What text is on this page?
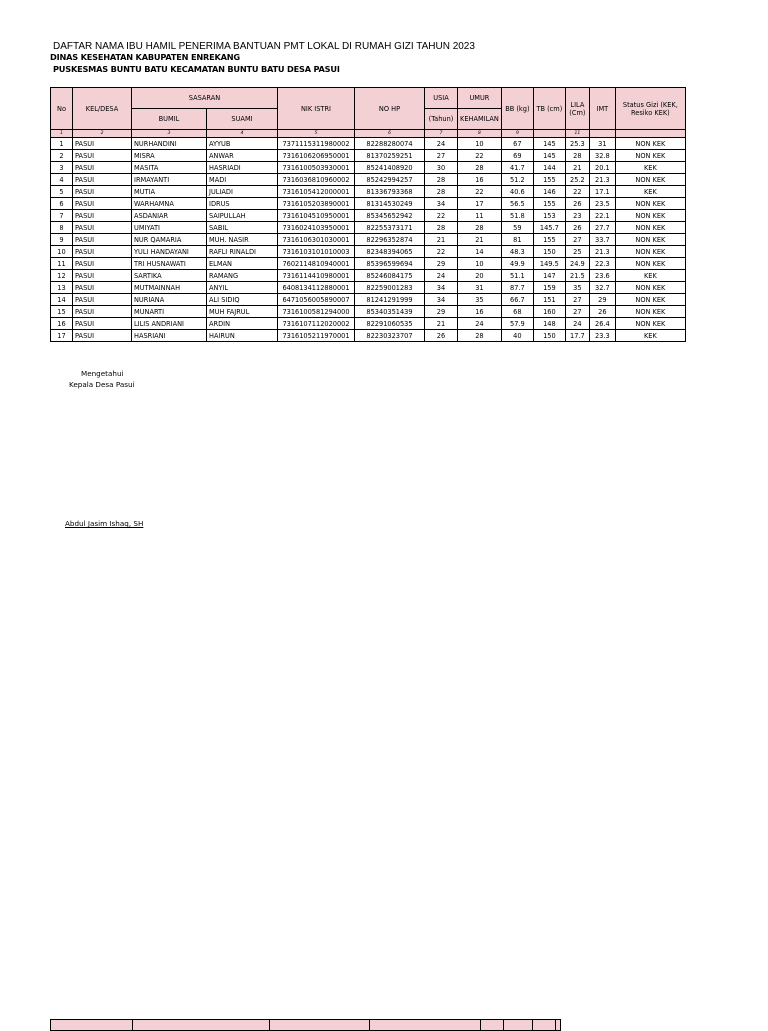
DAFTAR NAMA IBU HAMIL PENERIMA BANTUAN PMT LOKAL DI RUMAH GIZI TAHUN 2023
DINAS KESEHATAN KABUPATEN ENREKANG
PUSKESMAS BUNTU BATU KECAMATAN BUNTU BATU DESA PASUI
No	KEL/DESA	SASARAN		NIK ISTRI	NO HP	USIA	UMUR	BB (kg)	TB (cm)	LILA (Cm)	IMT	Status Gizi (KEK, Resiko KEK)
		BUMIL	SUAMI			(Tahun)	KEHAMILAN					
1	2	3	4	5	6	7	8	9		11		
1	PASUI	NURHANDINI	AYYUB	7371115311980002	82288280074	24	10	67	145	25.3	31	NON KEK
2	PASUI	MISRA	ANWAR	7316106206950001	81370259251	27	22	69	145	28	32.8	NON KEK
3	PASUI	MASITA	HASRIADI	7316100503930001	85241408920	30	28	41.7	144	21	20.1	KEK
4	PASUI	IRMAYANTI	MADI	7316036810960002	85242994257	28	16	51.2	155	25.2	21.3	NON KEK
5	PASUI	MUTIA	JULIADI	7316105412000001	81336793368	28	22	40.6	146	22	17.1	KEK
6	PASUI	WARHAMNA	IDRUS	7316105203890001	81314530249	34	17	56.5	155	26	23.5	NON KEK
7	PASUI	ASDANIAR	SAIPULLAH	7316104510950001	85345652942	22	11	51.8	153	23	22.1	NON KEK
8	PASUI	UMIYATI	SABIL	7316024103950001	82255373171	28	28	59	145.7	26	27.7	NON KEK
9	PASUI	NUR QAMARIA	MUH. NASIR	7316106301030001	82296352874	21	21	81	155	27	33.7	NON KEK
10	PASUI	YULI HANDAYANI	RAFLI RINALDI	7316103101010003	82348394065	22	14	48.3	150	25	21.3	NON KEK
11	PASUI	TRI HUSNAWATI	ELMAN	7602114810940001	85396599694	29	10	49.9	149.5	24.9	22.3	NON KEK
12	PASUI	SARTIKA	RAMANG	7316114410980001	85246084175	24	20	51.1	147	21.5	23.6	KEK
13	PASUI	MUTMAINNAH	ANYIL	6408134112880001	82259001283	34	31	87.7	159	35	32.7	NON KEK
14	PASUI	NURIANA	ALI SIDIQ	6471056005890007	81241291999	34	35	66.7	151	27	29	NON KEK
15	PASUI	MUNARTI	MUH FAJRUL	7316100581294000	85340351439	29	16	68	160	27	26	NON KEK
16	PASUI	LILIS ANDRIANI	ARDIN	7316107112020002	82291060535	21	24	57.9	148	24	26.4	NON KEK
17	PASUI	HASRIANI	HAIRUN	7316105211970001	82230323707	26	28	40	150	17.7	23.3	KEK
Mengetahui
Kepala Desa Pasui
Abdul Jasim Ishaq, SH
